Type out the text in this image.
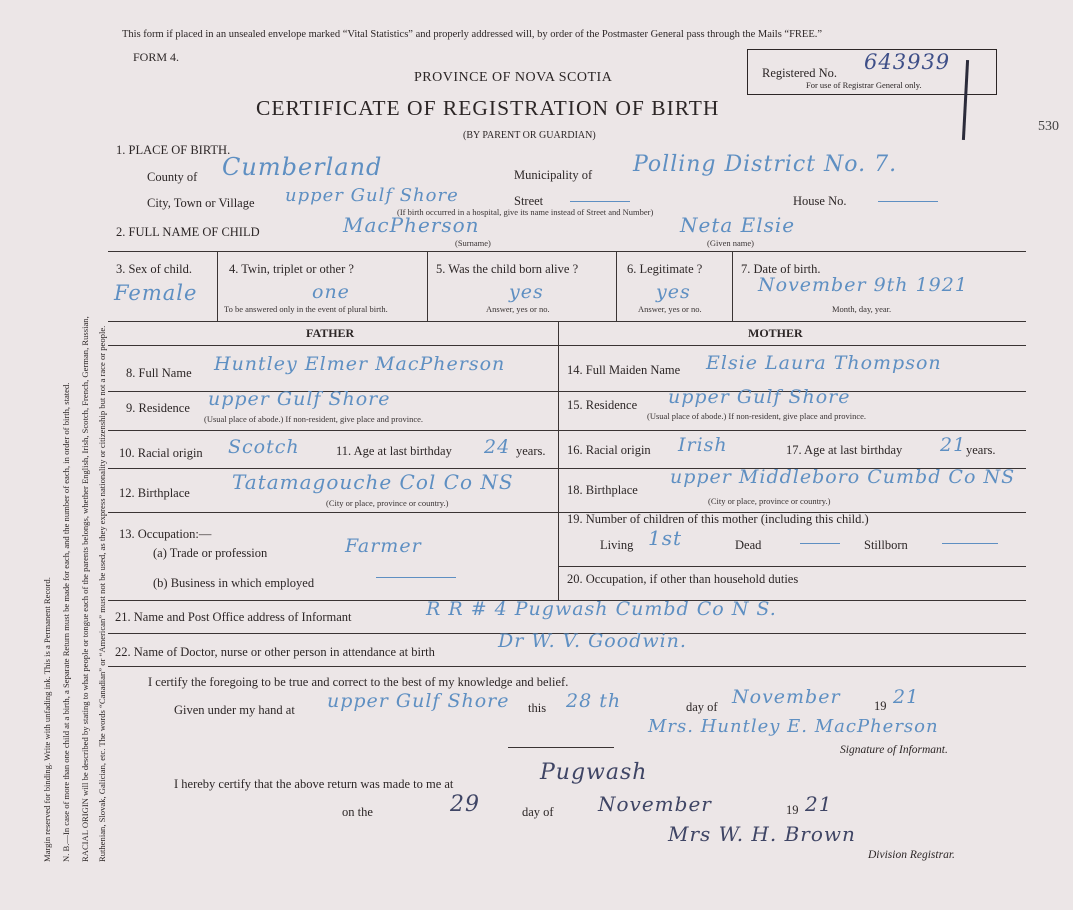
Margin reserved for binding. Write with unfading ink. This is a Permanent Record. N. B.—In case of more than one child at a birth, a Separate Return must be made for each, and the number of each, in order of birth, stated. RACIAL ORIGIN will be described by stating to what people or tongue each of the parents belongs, whether English, Irish, Scotch, French, German, Russian, Ruthenian, Slovak, Galician, etc. The words “Canadian” or “American” must not be used, as they express nationality or citizenship but not a race or people.
This form if placed in an unsealed envelope marked “Vital Statistics” and properly addressed will, by order of the Postmaster General pass through the Mails “FREE.”
FORM 4.
PROVINCE OF NOVA SCOTIA
CERTIFICATE OF REGISTRATION OF BIRTH
(BY PARENT OR GUARDIAN)
Registered No. 643939
For use of Registrar General only.
530
1. PLACE OF BIRTH.
County of Cumberland	Municipality of Polling District No. 7.
City, Town or Village upper Gulf Shore	Street	House No.
(If birth occurred in a hospital, give its name instead of Street and Number)
2. FULL NAME OF CHILD	MacPherson	Neta Elsie
(Surname)	(Given name)
3. Sex of child.
Female
4. Twin, triplet or other ?
one
To be answered only in the event of plural birth.
5. Was the child born alive ?
yes
Answer, yes or no.
6. Legitimate ?
yes
Answer, yes or no.
7. Date of birth.
November 9th 1921
Month, day, year.
FATHER	MOTHER
8. Full Name Huntley Elmer MacPherson
9. Residence upper Gulf Shore
(Usual place of abode.) If non-resident, give place and province.
10. Racial origin Scotch	11. Age at last birthday 24 years.
12. Birthplace Tatamagouche Col Co NS
(City or place, province or country.)
13. Occupation:—
(a) Trade or profession	Farmer
(b) Business in which employed
14. Full Maiden Name Elsie Laura Thompson
15. Residence upper Gulf Shore
(Usual place of abode.) If non-resident, give place and province.
16. Racial origin Irish	17. Age at last birthday 21 years.
18. Birthplace
upper Middleboro Cumbd Co NS
(City or place, province or country.)
19. Number of children of this mother (including this child.)
Living 1st	Dead	Stillborn
20. Occupation, if other than household duties
21. Name and Post Office address of Informant	R R # 4 Pugwash Cumbd Co N S.
22. Name of Doctor, nurse or other person in attendance at birth	Dr W. V. Goodwin.
I certify the foregoing to be true and correct to the best of my knowledge and belief.
Given under my hand at upper Gulf Shore this 28 th	day of November	19 21
Mrs. Huntley E. MacPherson
Signature of Informant.
I hereby certify that the above return was made to me at	Pugwash
on the	29	day of November	19 21
Mrs W. H. Brown
Division Registrar.
